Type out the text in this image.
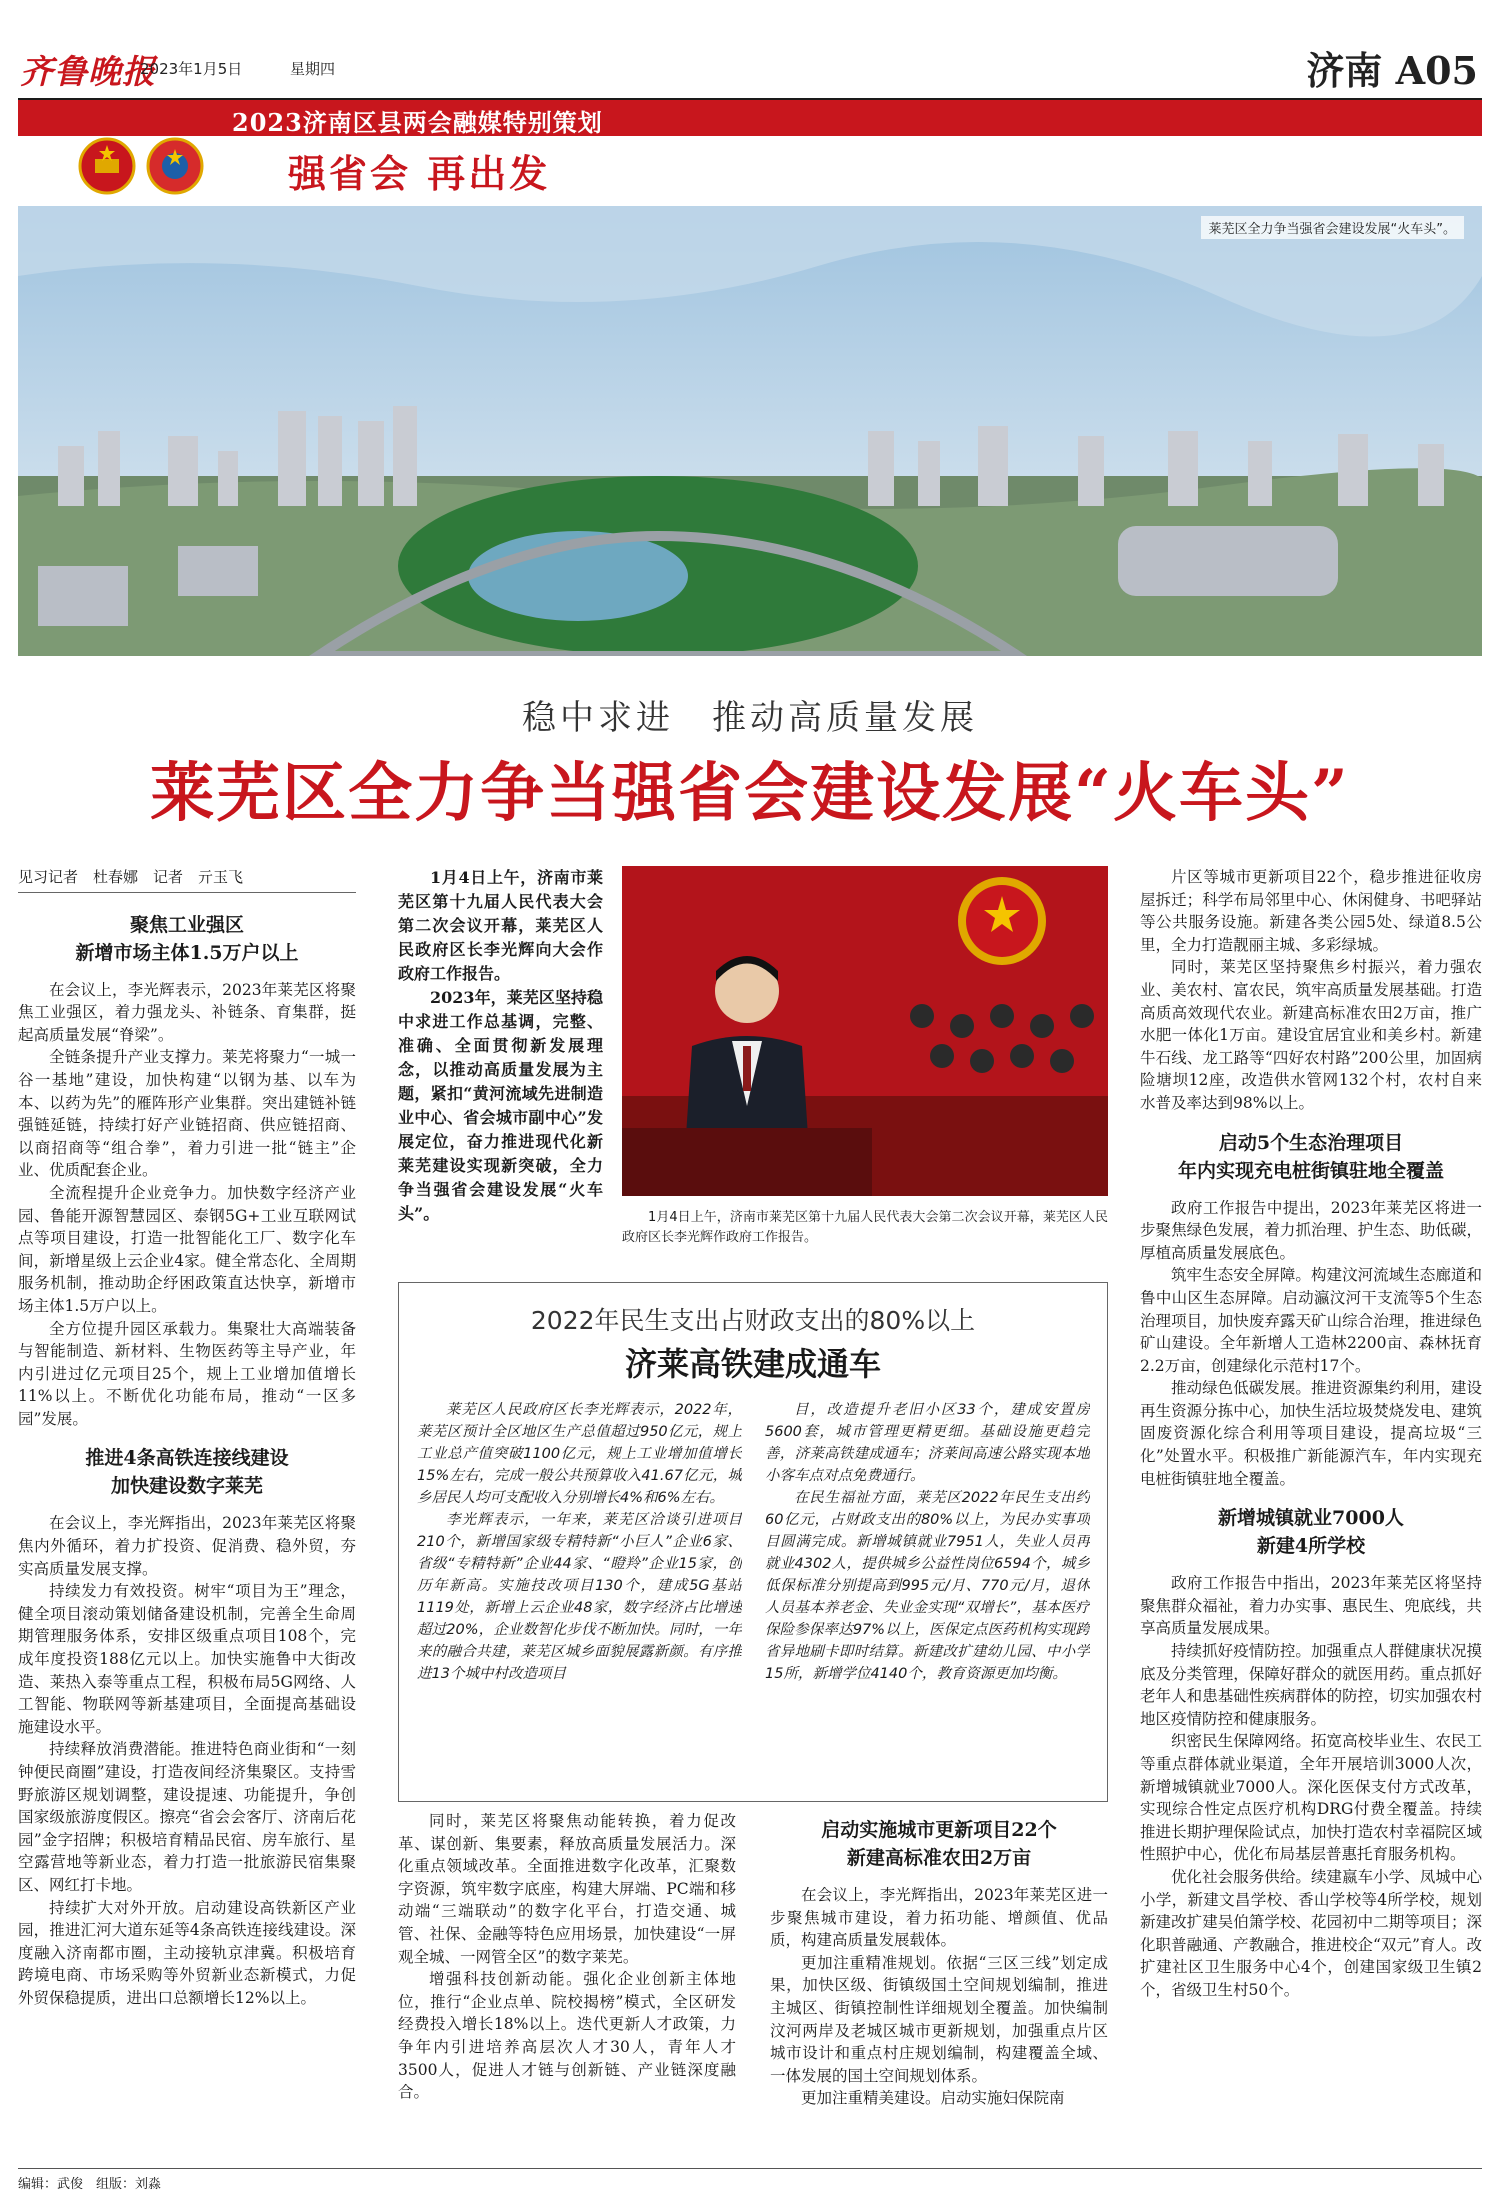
齐鲁晚报
2023年1月5日	星期四	济南 A05
2023济南区县两会融媒特别策划
强省会 再出发
莱芜区全力争当强省会建设发展“火车头”。
稳中求进　推动高质量发展
莱芜区全力争当强省会建设发展“火车头”
见习记者　杜春娜　记者　亓玉飞
聚焦工业强区
新增市场主体1.5万户以上

在会议上，李光辉表示，2023年莱芜区将聚焦工业强区，着力强龙头、补链条、育集群，挺起高质量发展“脊梁”。

全链条提升产业支撑力。莱芜将聚力“一城一谷一基地”建设，加快构建“以钢为基、以车为本、以药为先”的雁阵形产业集群。突出建链补链强链延链，持续打好产业链招商、供应链招商、以商招商等“组合拳”，着力引进一批“链主”企业、优质配套企业。

全流程提升企业竞争力。加快数字经济产业园、鲁能开源智慧园区、泰钢5G+工业互联网试点等项目建设，打造一批智能化工厂、数字化车间，新增星级上云企业4家。健全常态化、全周期服务机制，推动助企纾困政策直达快享，新增市场主体1.5万户以上。

全方位提升园区承载力。集聚壮大高端装备与智能制造、新材料、生物医药等主导产业，年内引进过亿元项目25个，规上工业增加值增长11%以上。不断优化功能布局，推动“一区多园”发展。

推进4条高铁连接线建设
加快建设数字莱芜

在会议上，李光辉指出，2023年莱芜区将聚焦内外循环，着力扩投资、促消费、稳外贸，夯实高质量发展支撑。

持续发力有效投资。树牢“项目为王”理念，健全项目滚动策划储备建设机制，完善全生命周期管理服务体系，安排区级重点项目108个，完成年度投资188亿元以上。加快实施鲁中大街改造、莱热入泰等重点工程，积极布局5G网络、人工智能、物联网等新基建项目，全面提高基础设施建设水平。

持续释放消费潜能。推进特色商业街和“一刻钟便民商圈”建设，打造夜间经济集聚区。支持雪野旅游区规划调整，建设提速、功能提升，争创国家级旅游度假区。擦亮“省会会客厅、济南后花园”金字招牌；积极培育精品民宿、房车旅行、星空露营地等新业态，着力打造一批旅游民宿集聚区、网红打卡地。

持续扩大对外开放。启动建设高铁新区产业园，推进汇河大道东延等4条高铁连接线建设。深度融入济南都市圈，主动接轨京津冀。积极培育跨境电商、市场采购等外贸新业态新模式，力促外贸保稳提质，进出口总额增长12%以上。

1月4日上午，济南市莱芜区第十九届人民代表大会第二次会议开幕，莱芜区人民政府区长李光辉向大会作政府工作报告。

2023年，莱芜区坚持稳中求进工作总基调，完整、准确、全面贯彻新发展理念，以推动高质量发展为主题，紧扣“黄河流域先进制造业中心、省会城市副中心”发展定位，奋力推进现代化新莱芜建设实现新突破，全力争当强省会建设发展“火车头”。	1月4日上午，济南市莱芜区第十九届人民代表大会第二次会议开幕，莱芜区人民政府区长李光辉作政府工作报告。
2022年民生支出占财政支出的80%以上
济莱高铁建成通车

莱芜区人民政府区长李光辉表示，2022年，莱芜区预计全区地区生产总值超过950亿元，规上工业总产值突破1100亿元，规上工业增加值增长15%左右，完成一般公共预算收入41.67亿元，城乡居民人均可支配收入分别增长4%和6%左右。

李光辉表示，一年来，莱芜区洽谈引进项目210个，新增国家级专精特新“小巨人”企业6家、省级“专精特新”企业44家、“瞪羚”企业15家，创历年新高。实施技改项目130个，建成5G基站1119处，新增上云企业48家，数字经济占比增速超过20%，企业数智化步伐不断加快。同时，一年来的融合共建，莱芜区城乡面貌展露新颜。有序推进13个城中村改造项目

目，改造提升老旧小区33个，建成安置房5600套，城市管理更精更细。基础设施更趋完善，济莱高铁建成通车；济莱间高速公路实现本地小客车点对点免费通行。

在民生福祉方面，莱芜区2022年民生支出约60亿元，占财政支出的80%以上，为民办实事项目圆满完成。新增城镇就业7951人，失业人员再就业4302人，提供城乡公益性岗位6594个，城乡低保标准分别提高到995元/月、770元/月，退休人员基本养老金、失业金实现“双增长”，基本医疗保险参保率达97%以上，医保定点医药机构实现跨省异地刷卡即时结算。新建改扩建幼儿园、中小学15所，新增学位4140个，教育资源更加均衡。

同时，莱芜区将聚焦动能转换，着力促改革、谋创新、集要素，释放高质量发展活力。深化重点领域改革。全面推进数字化改革，汇聚数字资源，筑牢数字底座，构建大屏端、PC端和移动端“三端联动”的数字化平台，打造交通、城管、社保、金融等特色应用场景，加快建设“一屏观全城、一网管全区”的数字莱芜。

增强科技创新动能。强化企业创新主体地位，推行“企业点单、院校揭榜”模式，全区研发经费投入增长18%以上。迭代更新人才政策，力争年内引进培养高层次人才30人，青年人才3500人，促进人才链与创新链、产业链深度融合。

启动实施城市更新项目22个
新建高标准农田2万亩

在会议上，李光辉指出，2023年莱芜区进一步聚焦城市建设，着力拓功能、增颜值、优品质，构建高质量发展载体。

更加注重精准规划。依据“三区三线”划定成果，加快区级、街镇级国土空间规划编制，推进主城区、街镇控制性详细规划全覆盖。加快编制汶河两岸及老城区城市更新规划，加强重点片区城市设计和重点村庄规划编制，构建覆盖全域、一体发展的国土空间规划体系。

更加注重精美建设。启动实施妇保院南

片区等城市更新项目22个，稳步推进征收房屋拆迁；科学布局邻里中心、休闲健身、书吧驿站等公共服务设施。新建各类公园5处、绿道8.5公里，全力打造靓丽主城、多彩绿城。

同时，莱芜区坚持聚焦乡村振兴，着力强农业、美农村、富农民，筑牢高质量发展基础。打造高质高效现代农业。新建高标准农田2万亩，推广水肥一体化1万亩。建设宜居宜业和美乡村。新建牛石线、龙工路等“四好农村路”200公里，加固病险塘坝12座，改造供水管网132个村，农村自来水普及率达到98%以上。

启动5个生态治理项目
年内实现充电桩街镇驻地全覆盖

政府工作报告中提出，2023年莱芜区将进一步聚焦绿色发展，着力抓治理、护生态、助低碳，厚植高质量发展底色。

筑牢生态安全屏障。构建汶河流域生态廊道和鲁中山区生态屏障。启动瀛汶河干支流等5个生态治理项目，加快废弃露天矿山综合治理，推进绿色矿山建设。全年新增人工造林2200亩、森林抚育2.2万亩，创建绿化示范村17个。

推动绿色低碳发展。推进资源集约利用，建设再生资源分拣中心，加快生活垃圾焚烧发电、建筑固废资源化综合利用等项目建设，提高垃圾“三化”处置水平。积极推广新能源汽车，年内实现充电桩街镇驻地全覆盖。

新增城镇就业7000人
新建4所学校

政府工作报告中指出，2023年莱芜区将坚持聚焦群众福祉，着力办实事、惠民生、兜底线，共享高质量发展成果。

持续抓好疫情防控。加强重点人群健康状况摸底及分类管理，保障好群众的就医用药。重点抓好老年人和患基础性疾病群体的防控，切实加强农村地区疫情防控和健康服务。

织密民生保障网络。拓宽高校毕业生、农民工等重点群体就业渠道，全年开展培训3000人次，新增城镇就业7000人。深化医保支付方式改革，实现综合性定点医疗机构DRG付费全覆盖。持续推进长期护理保险试点，加快打造农村幸福院区域性照护中心，优化布局基层普惠托育服务机构。

优化社会服务供给。续建嬴车小学、凤城中心小学，新建文昌学校、香山学校等4所学校，规划新建改扩建吴伯箫学校、花园初中二期等项目；深化职普融通、产教融合，推进校企“双元”育人。改扩建社区卫生服务中心4个，创建国家级卫生镇2个，省级卫生村50个。

编辑：武俊　组版：刘淼
